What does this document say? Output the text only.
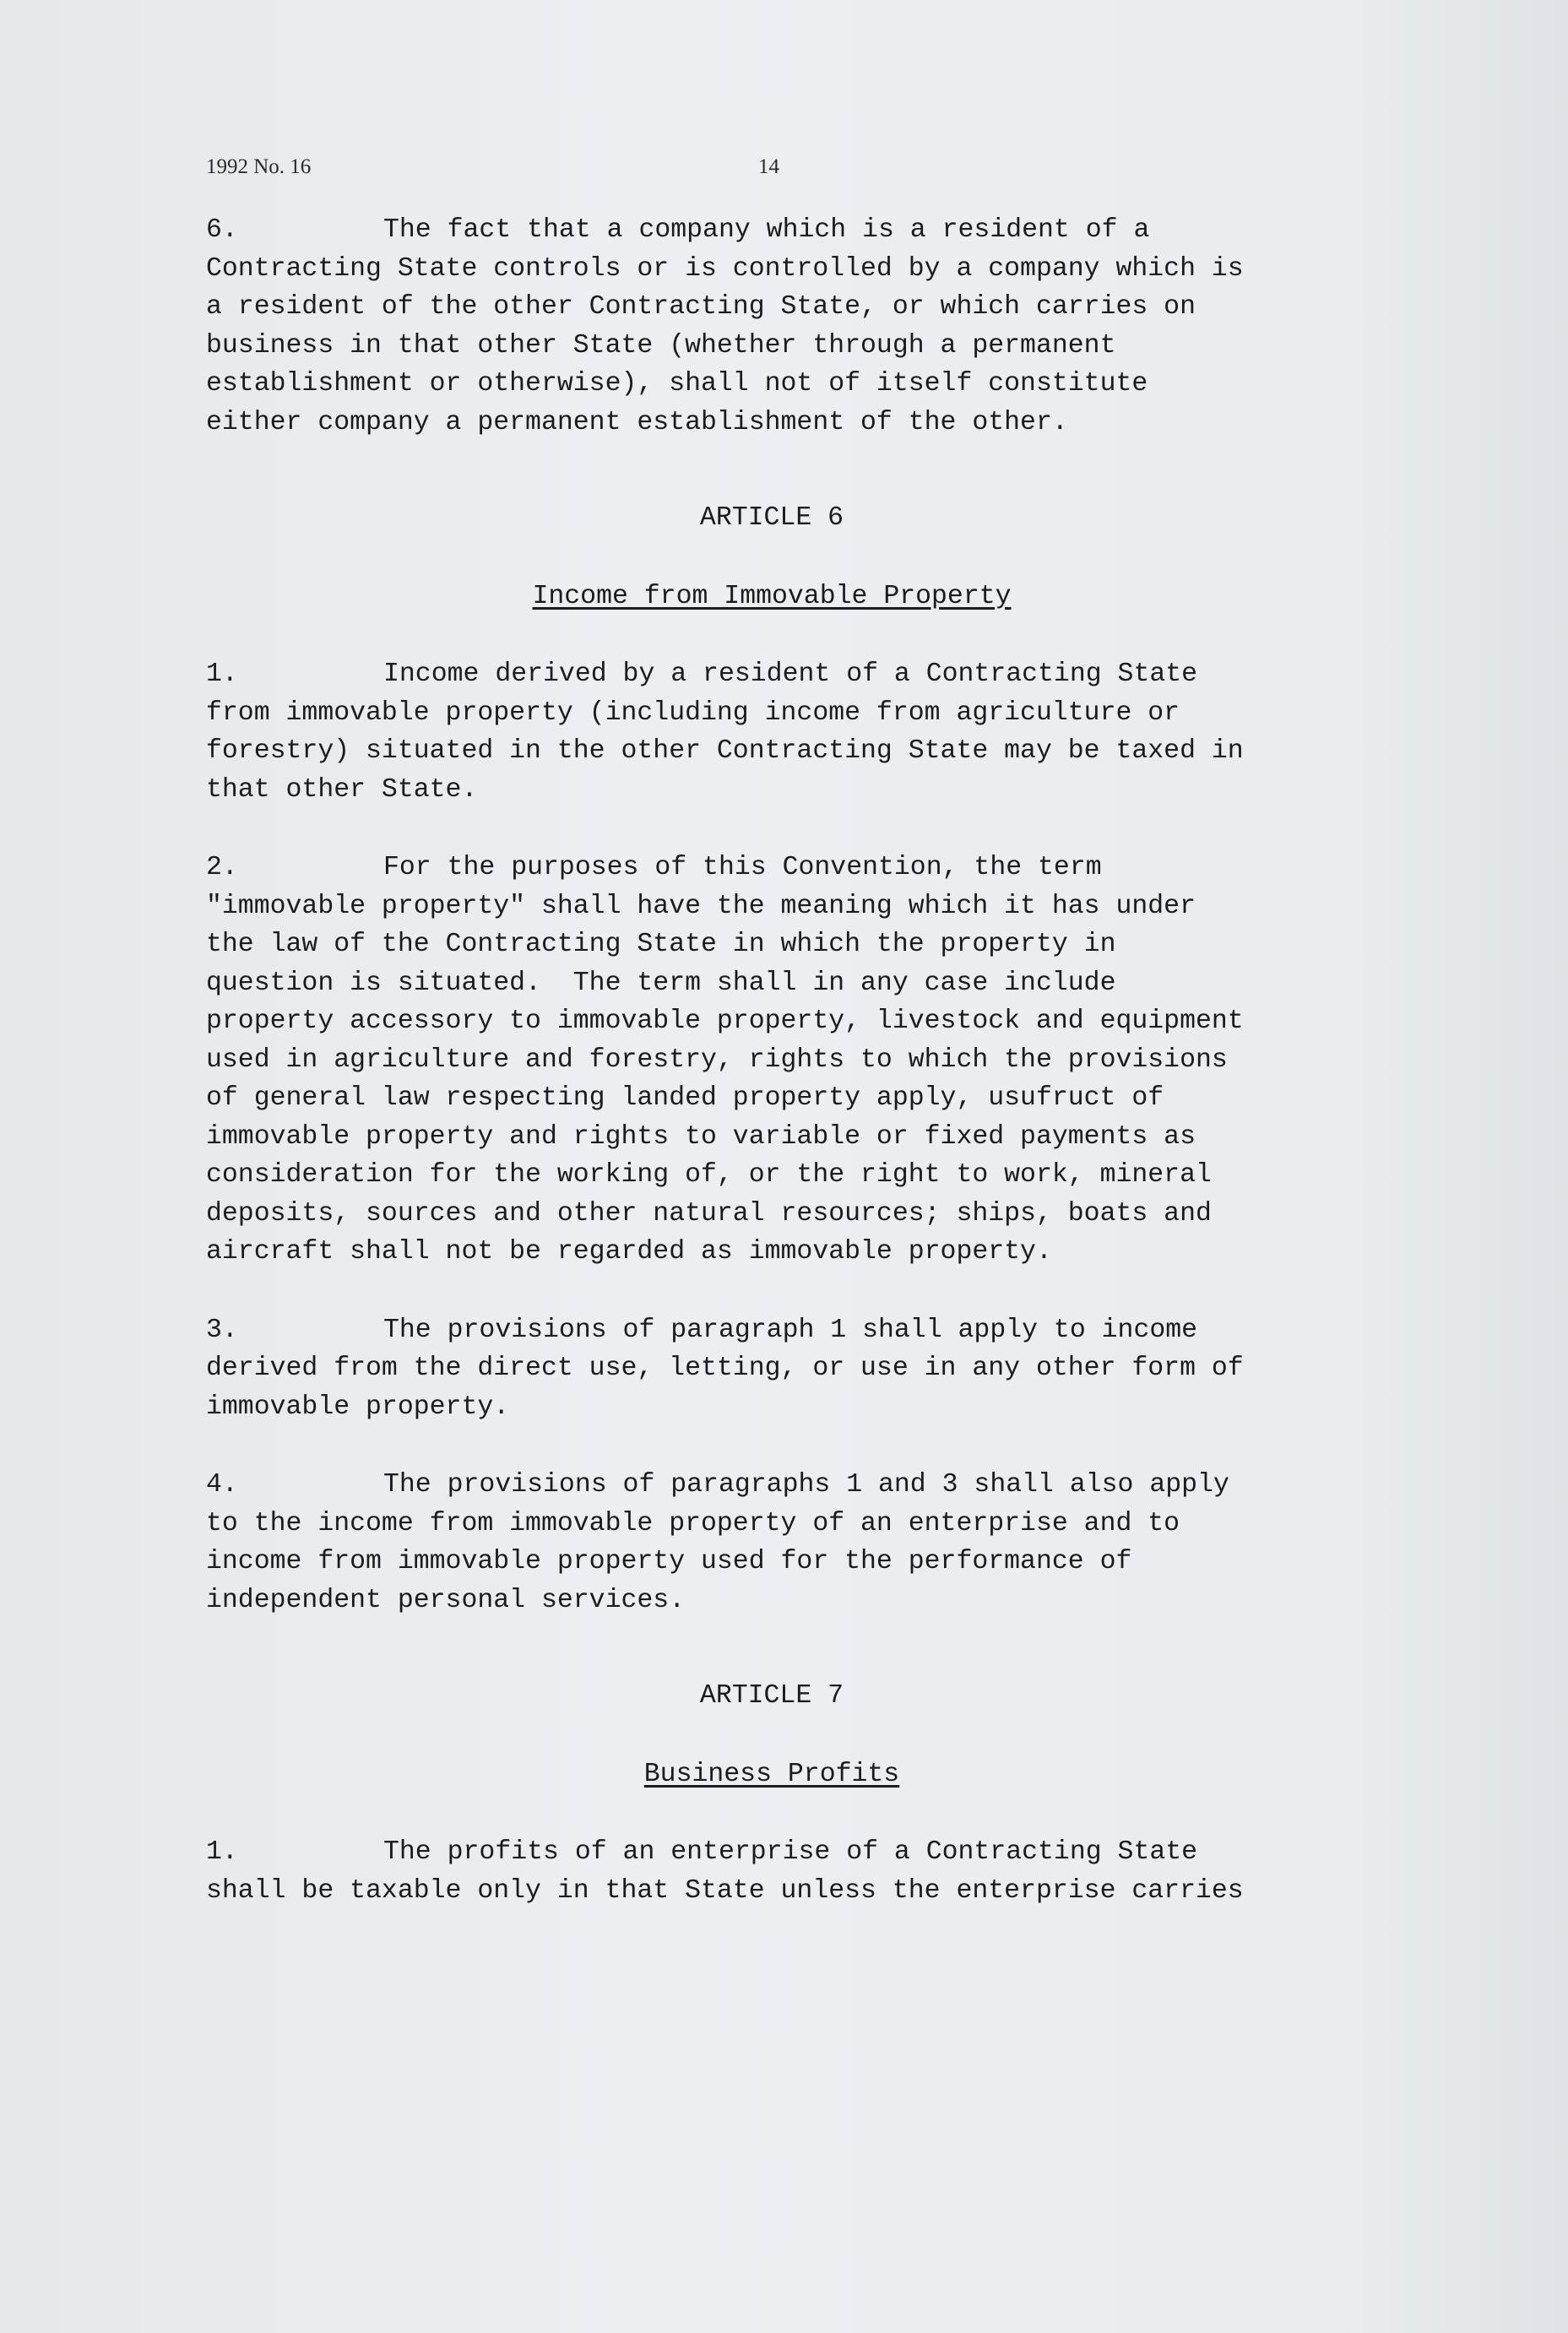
1992 No. 16	14
6.	The fact that a company which is a resident of a
Contracting State controls or is controlled by a company which is
a resident of the other Contracting State, or which carries on
business in that other State (whether through a permanent
establishment or otherwise), shall not of itself constitute
either company a permanent establishment of the other.
ARTICLE 6
Income from Immovable Property
1.	Income derived by a resident of a Contracting State
from immovable property (including income from agriculture or
forestry) situated in the other Contracting State may be taxed in
that other State.
2.	For the purposes of this Convention, the term
"immovable property" shall have the meaning which it has under
the law of the Contracting State in which the property in
question is situated.  The term shall in any case include
property accessory to immovable property, livestock and equipment
used in agriculture and forestry, rights to which the provisions
of general law respecting landed property apply, usufruct of
immovable property and rights to variable or fixed payments as
consideration for the working of, or the right to work, mineral
deposits, sources and other natural resources; ships, boats and
aircraft shall not be regarded as immovable property.
3.	The provisions of paragraph 1 shall apply to income
derived from the direct use, letting, or use in any other form of
immovable property.
4.	The provisions of paragraphs 1 and 3 shall also apply
to the income from immovable property of an enterprise and to
income from immovable property used for the performance of
independent personal services.
ARTICLE 7
Business Profits
1.	The profits of an enterprise of a Contracting State
shall be taxable only in that State unless the enterprise carries
